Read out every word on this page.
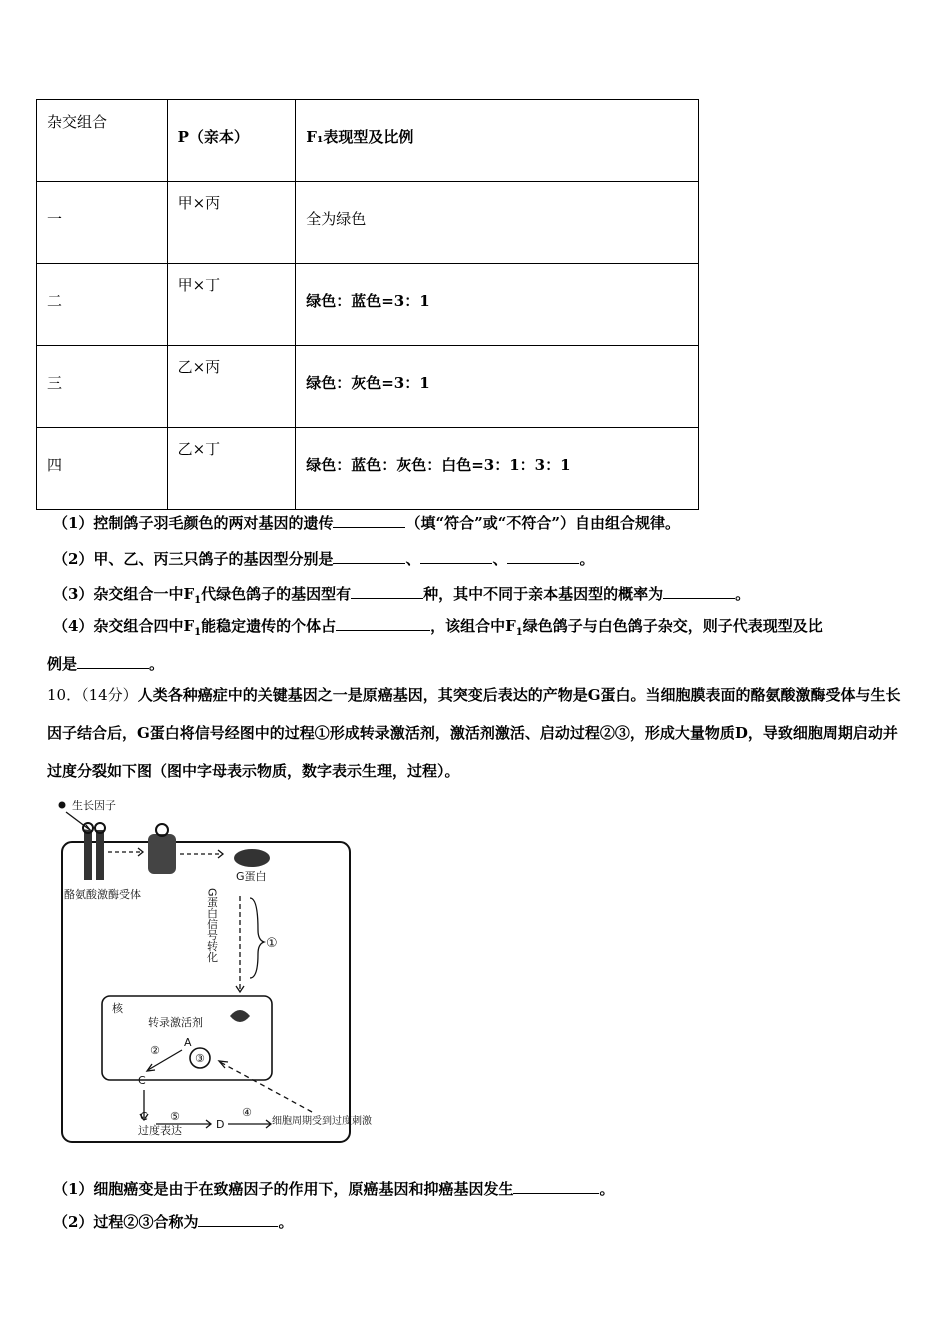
杂交组合	P（亲本）	F₁表现型及比例

一	甲×丙	全为绿色

二	甲×丁	绿色：蓝色=3：1

三	乙×丙	绿色：灰色=3：1

四	乙×丁	绿色：蓝色：灰色：白色=3：1：3：1
（1）控制鸽子羽毛颜色的两对基因的遗传	（填“符合”或“不符合”）自由组合规律。
（2）甲、乙、丙三只鸽子的基因型分别是	、	、	。
（3）杂交组合一中$F_1$代绿色鸽子的基因型有	种，其中不同于亲本基因型的概率为	。
（4）杂交组合四中$F_1$能稳定遗传的个体占	，该组合中$F_1$绿色鸽子与白色鸽子杂交，则子代表现型及比
例是	。
10．（14分）人类各种癌症中的关键基因之一是原癌基因，其突变后表达的产物是G蛋白。当细胞膜表面的酪氨酸激酶受体与生长因子结合后，G蛋白将信号经图中的过程①形成转录激活剂，激活剂激活、启动过程②③，形成大量物质D，导致细胞周期启动并过度分裂如下图（图中字母表示物质，数字表示生理，过程）。
生长因子
酪氨酸激酶受体
G蛋白
G蛋白信号转化	①
核
转录激活剂
A
③
②
C
C
过度表达
⑤
D
④
细胞周期受到过度刺激
（1）细胞癌变是由于在致癌因子的作用下，原癌基因和抑癌基因发生	。
（2）过程②③合称为	。
